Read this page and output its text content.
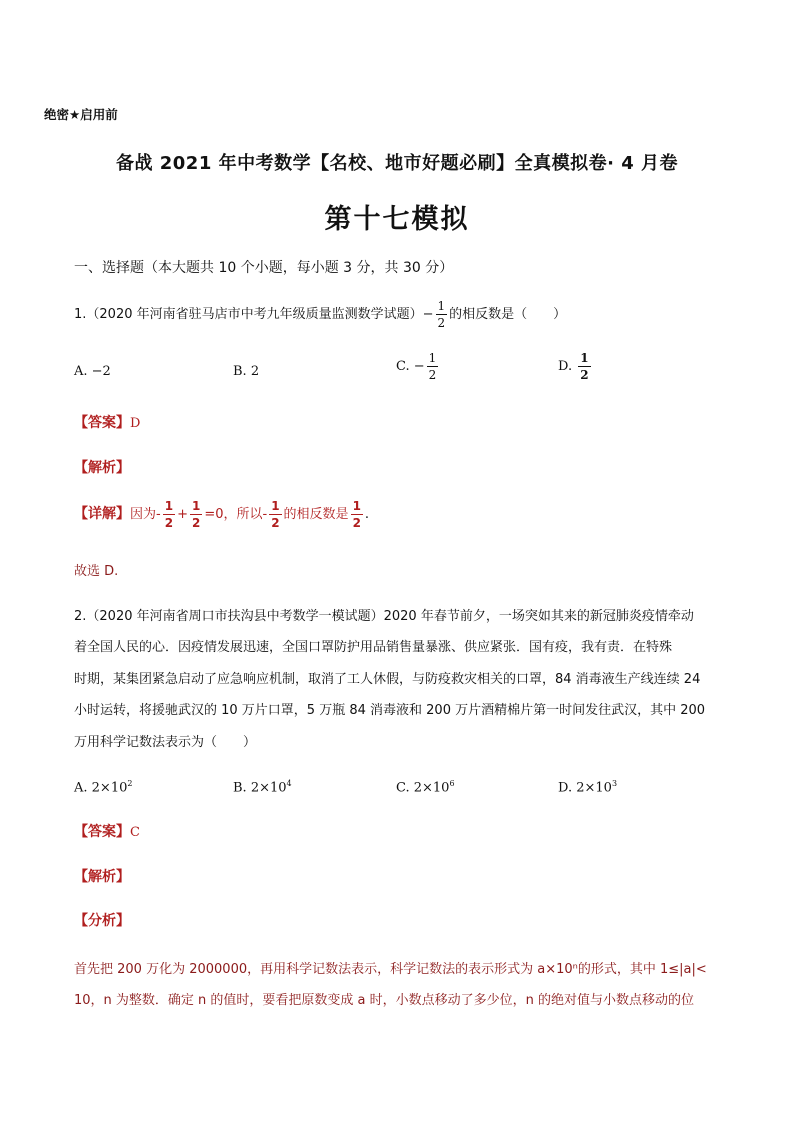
绝密★启用前
备战 2021 年中考数学【名校、地市好题必刷】全真模拟卷· 4 月卷
第十七模拟
一、选择题（本大题共 10 个小题，每小题 3 分，共 30 分）
1.（2020 年河南省驻马店市中考九年级质量监测数学试题）− $\frac{1}{2}$ 的相反数是（　　）
A. −2	B. 2	C. − $\frac{1}{2}$	D. $\frac{1}{2}$
【答案】D
【解析】
【详解】因为- $\frac{1}{2} + \frac{1}{2} =0$，所以- $\frac{1}{2}$ 的相反数是 $\frac{1}{2}$ .
故选 D.
2.（2020 年河南省周口市扶沟县中考数学一模试题）2020 年春节前夕，一场突如其来的新冠肺炎疫情牵动
着全国人民的心．因疫情发展迅速，全国口罩防护用品销售量暴涨、供应紧张．国有疫，我有责．在特殊
时期，某集团紧急启动了应急响应机制，取消了工人休假，与防疫救灾相关的口罩，84 消毒液生产线连续 24
小时运转，将援驰武汉的 10 万片口罩，5 万瓶 84 消毒液和 200 万片酒精棉片第一时间发往武汉，其中 200
万用科学记数法表示为（　　）
A. $2\times 10^2$	B. $2\times 10^4$	C. $2\times 10^6$	D. $2\times 10^3$
【答案】C
【解析】
【分析】
首先把 200 万化为 2000000，再用科学记数法表示，科学记数法的表示形式为 a×10ⁿ的形式，其中 1≤|a|<
10，n 为整数．确定 n 的值时，要看把原数变成 a 时，小数点移动了多少位，n 的绝对值与小数点移动的位
